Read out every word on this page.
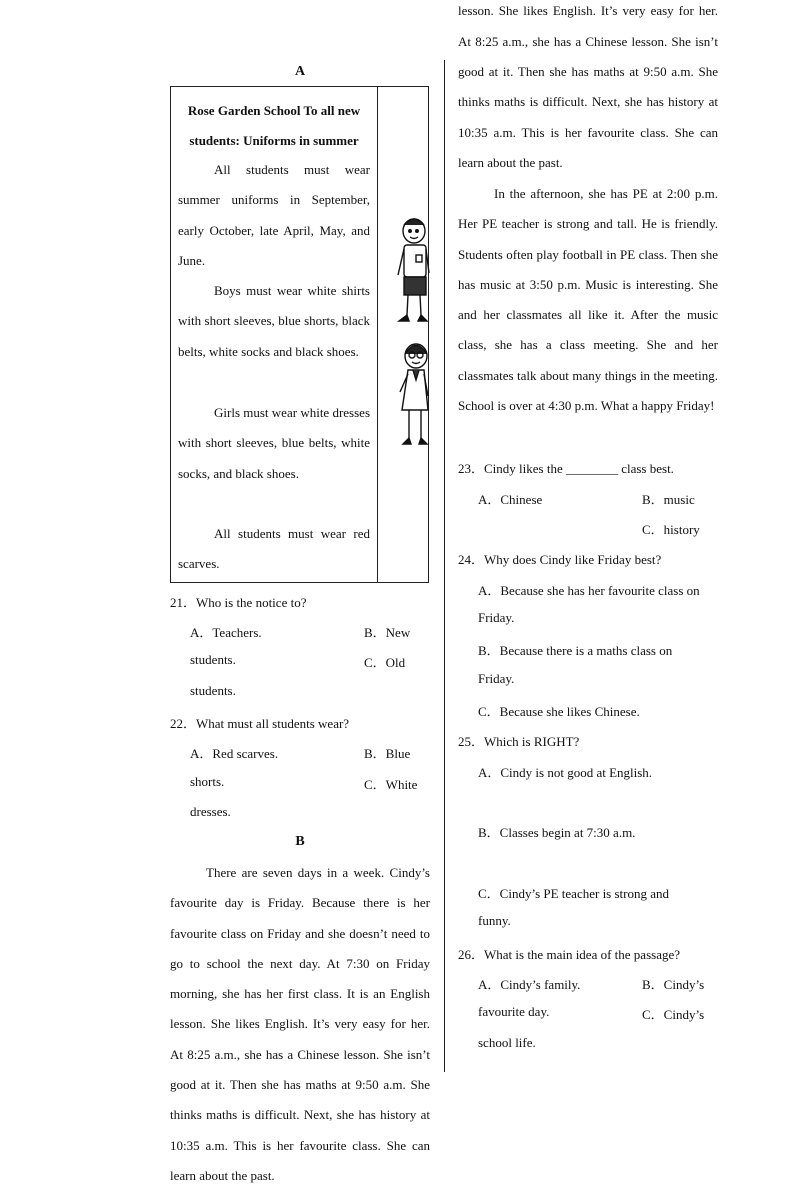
A
Rose Garden School To all new students: Uniforms in summer
All students must wear summer uniforms in September, early October, late April, May, and June.
Boys must wear white shirts with short sleeves, blue shorts, black belts, white socks and black shoes.
Girls must wear white dresses with short sleeves, blue belts, white socks, and black shoes.
All students must wear red scarves.
21．Who is the notice to?
A．Teachers.	B．New
students.	C．Old
students.
22．What must all students wear?
A．Red scarves.	B．Blue
shorts.	C．White
dresses.
B
There are seven days in a week. Cindy’s favourite day is Friday. Because there is her favourite class on Friday and she doesn’t need to go to school the next day. At 7:30 on Friday morning, she has her first class. It is an English lesson. She likes English. It’s very easy for her. At 8:25 a.m., she has a Chinese lesson. She isn’t good at it. Then she has maths at 9:50 a.m. She thinks maths is difficult. Next, she has history at 10:35 a.m. This is her favourite class. She can learn about the past.
lesson. She likes English. It’s very easy for her. At 8:25 a.m., she has a Chinese lesson. She isn’t good at it. Then she has maths at 9:50 a.m. She thinks maths is difficult. Next, she has history at 10:35 a.m. This is her favourite class. She can learn about the past.
In the afternoon, she has PE at 2:00 p.m. Her PE teacher is strong and tall. He is friendly. Students often play football in PE class. Then she has music at 3:50 p.m. Music is interesting. She and her classmates all like it. After the music class, she has a class meeting. She and her classmates talk about many things in the meeting. School is over at 4:30 p.m. What a happy Friday!
23．Cindy likes the ________ class best.
A．Chinese	B．music
C．history
24．Why does Cindy like Friday best?
A．Because she has her favourite class on
Friday.
B．Because there is a maths class on
Friday.
C．Because she likes Chinese.
25．Which is RIGHT?
A．Cindy is not good at English.
B．Classes begin at 7:30 a.m.
C．Cindy’s PE teacher is strong and
funny.
26．What is the main idea of the passage?
A．Cindy’s family.	B．Cindy’s
favourite day.	C．Cindy’s
school life.
